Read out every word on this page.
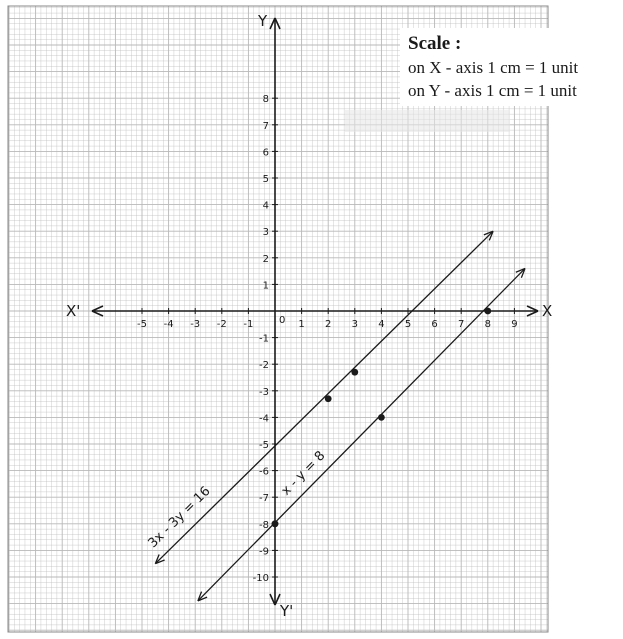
X
X'
Y
Y'
-5 -4 -3 -2 -1	1 2 3 4 5 6 7 8 9
8
7
6
5
4
3
2
1
-1
-2
-3
-4
-5
-6
-7
-8
-9
-10
0
3x - 3y = 16
x - y = 8
Scale :
on X - axis 1 cm = 1 unit
on Y - axis 1 cm = 1 unit
